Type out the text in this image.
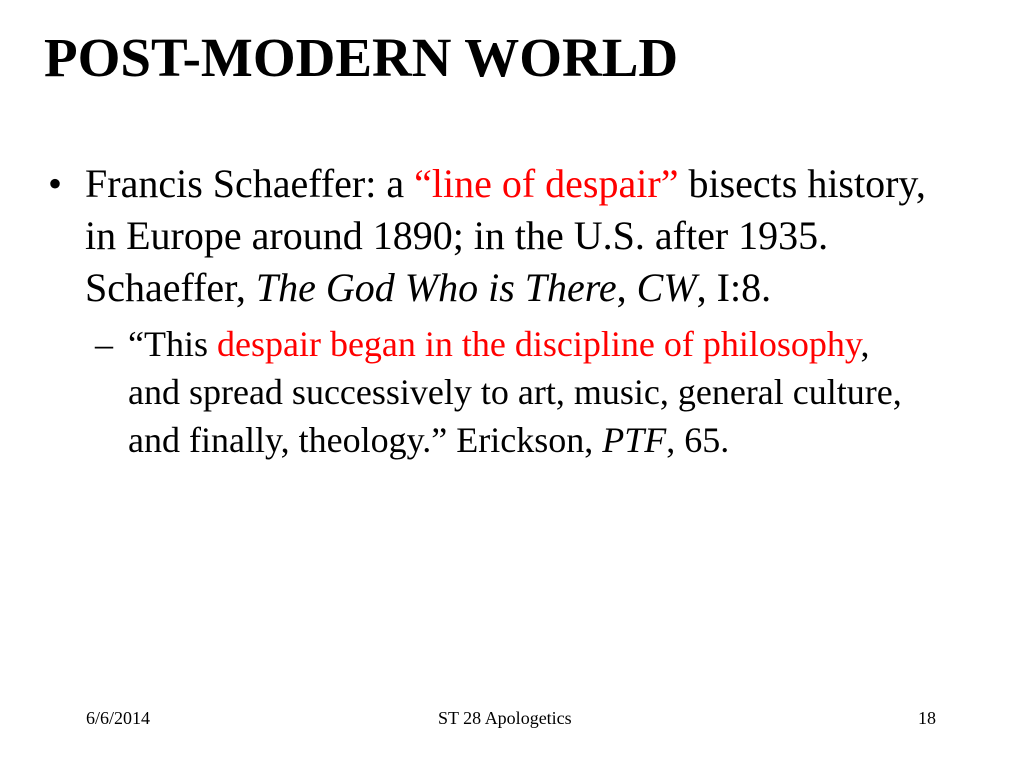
POST-MODERN WORLD
• Francis Schaeffer: a “line of despair” bisects history, in Europe around 1890; in the U.S. after 1935. Schaeffer, The God Who is There, CW, I:8.
– “This despair began in the discipline of philosophy, and spread successively to art, music, general culture, and finally, theology.” Erickson, PTF, 65.
6/6/2014	ST 28 Apologetics	18
